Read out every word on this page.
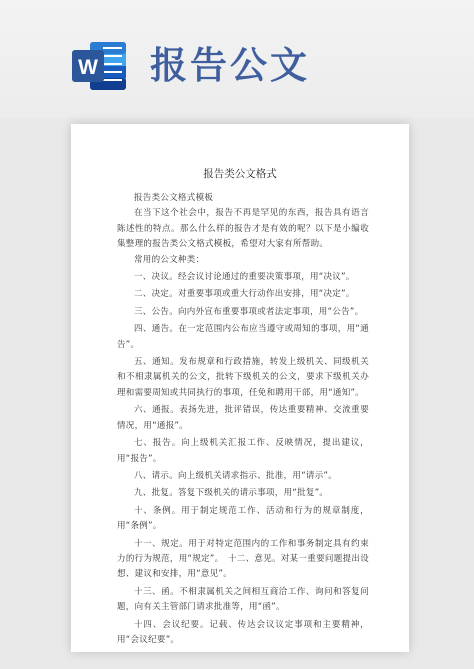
W 报告公文
报告类公文格式

报告类公文格式模板

在当下这个社会中，报告不再是罕见的东西，报告具有语言陈述性的特点。那么什么样的报告才是有效的呢？以下是小编收集整理的报告类公文格式模板，希望对大家有所帮助。

常用的公文种类：

一、决议。经会议讨论通过的重要决策事项，用“决议”。

二、决定。对重要事项或重大行动作出安排，用“决定”。

三、公告。向内外宣布重要事项或者法定事项，用“公告”。

四、通告。在一定范围内公布应当遵守或周知的事项，用“通告”。

五、通知。发布规章和行政措施，转发上级机关、同级机关和不相隶属机关的公文，批转下级机关的公文，要求下级机关办理和需要周知或共同执行的事项，任免和聘用干部，用“通知”。

六、通报。表扬先进，批评错误，传达重要精神、交流重要情况，用“通报”。

七、报告。向上级机关汇报工作、反映情况，提出建议，用“报告”。

八、请示。向上级机关请求指示、批准，用“请示”。

九、批复。答复下级机关的请示事项，用“批复”。

十、条例。用于制定规范工作、活动和行为的规章制度，用“条例”。

十一、规定。用于对特定范围内的工作和事务制定具有约束力的行为规范，用“规定”。　十二、意见。对某一重要问题提出设想、建议和安排，用“意见”。

十三、函。不相隶属机关之间相互商洽工作、询问和答复问题，向有关主管部门请求批准等，用“函”。

十四、会议纪要。记载、传达会议议定事项和主要精神，用“会议纪要”。
